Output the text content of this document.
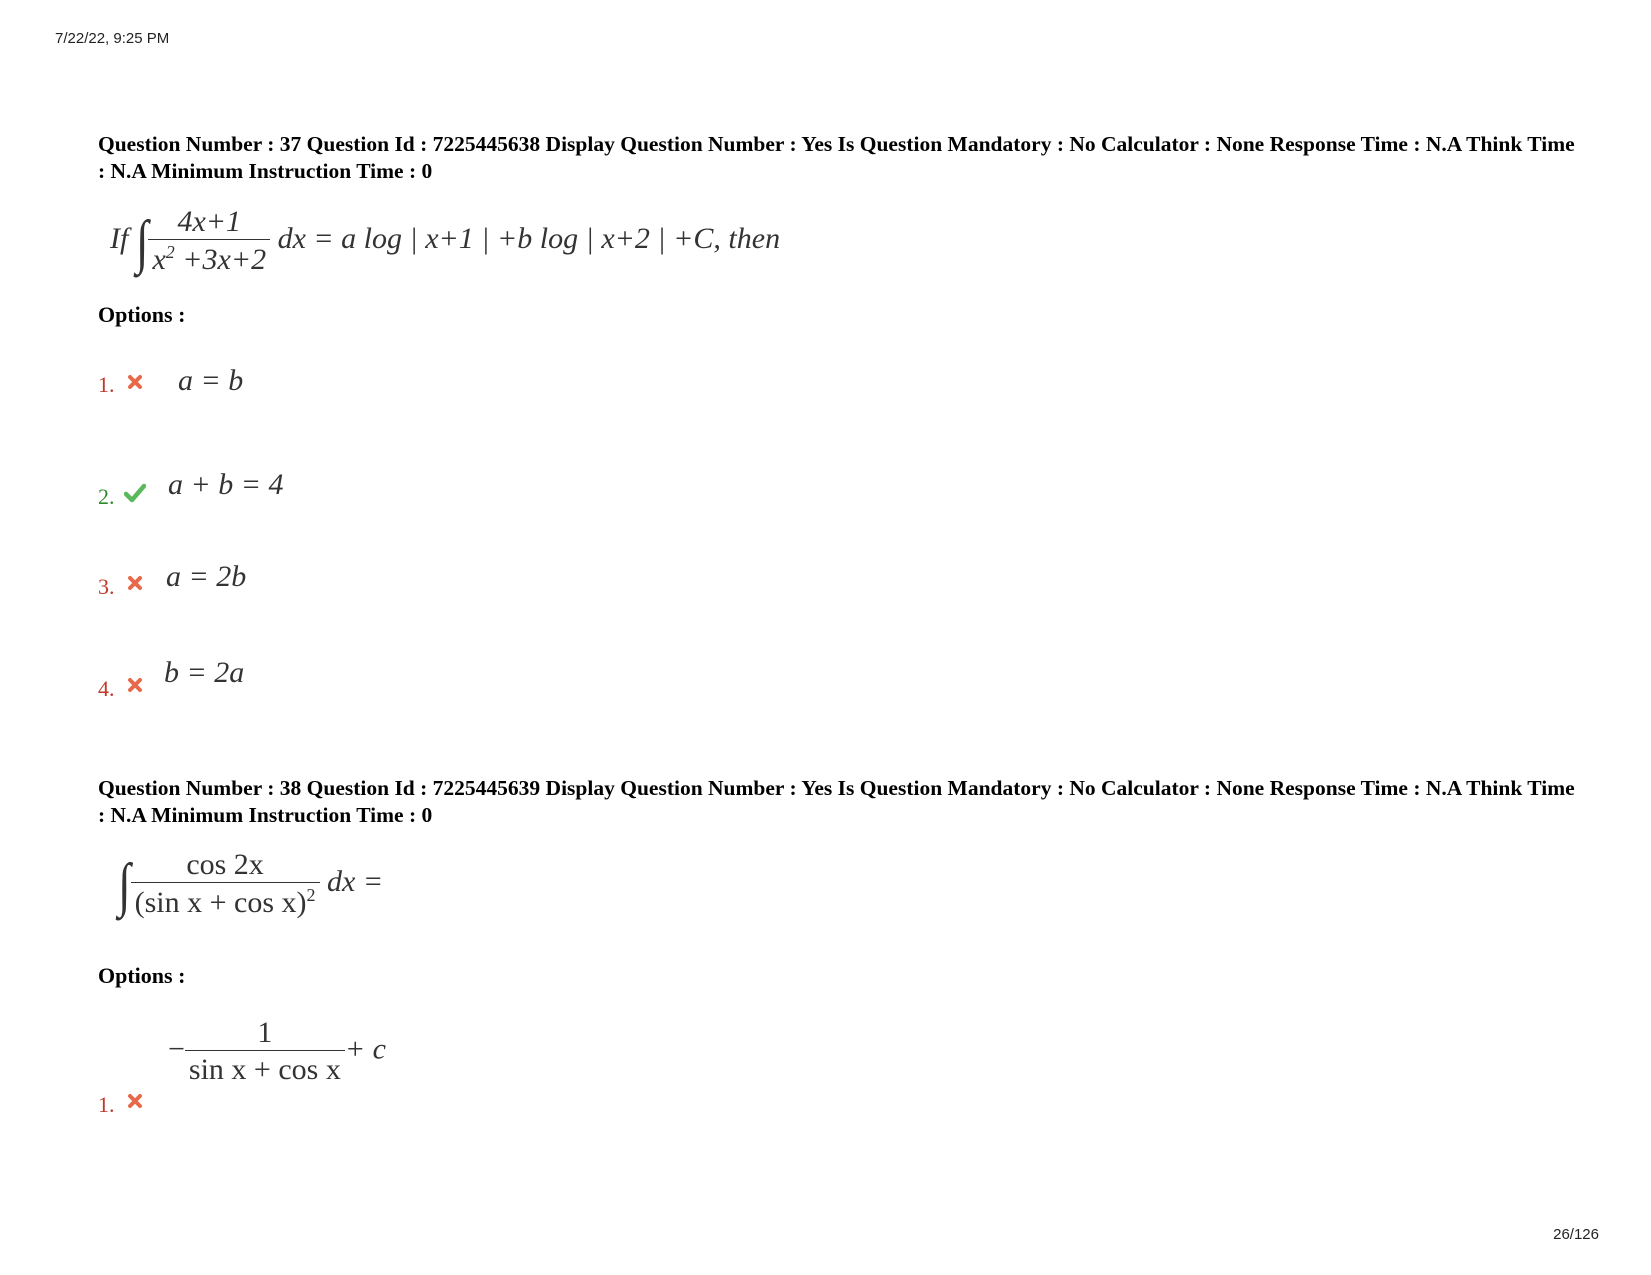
7/22/22, 9:25 PM
Question Number : 37 Question Id : 7225445638 Display Question Number : Yes Is Question Mandatory : No Calculator : None Response Time : N.A Think Time : N.A Minimum Instruction Time : 0
If ∫ $\frac{4x+1}{x^2 +3x+2}$ dx = a log | x+1 | +b log | x+2 | +C, then
Options :
1. a = b
2. a + b = 4
3. a = 2b
4. b = 2a
Question Number : 38 Question Id : 7225445639 Display Question Number : Yes Is Question Mandatory : No Calculator : None Response Time : N.A Think Time : N.A Minimum Instruction Time : 0
∫ $\frac{\cos 2x}{(\sin x + \cos x)^2}$ dx =
Options :
1.
− $\frac{1}{\text{sin x + cos x}} + c$
26/126
